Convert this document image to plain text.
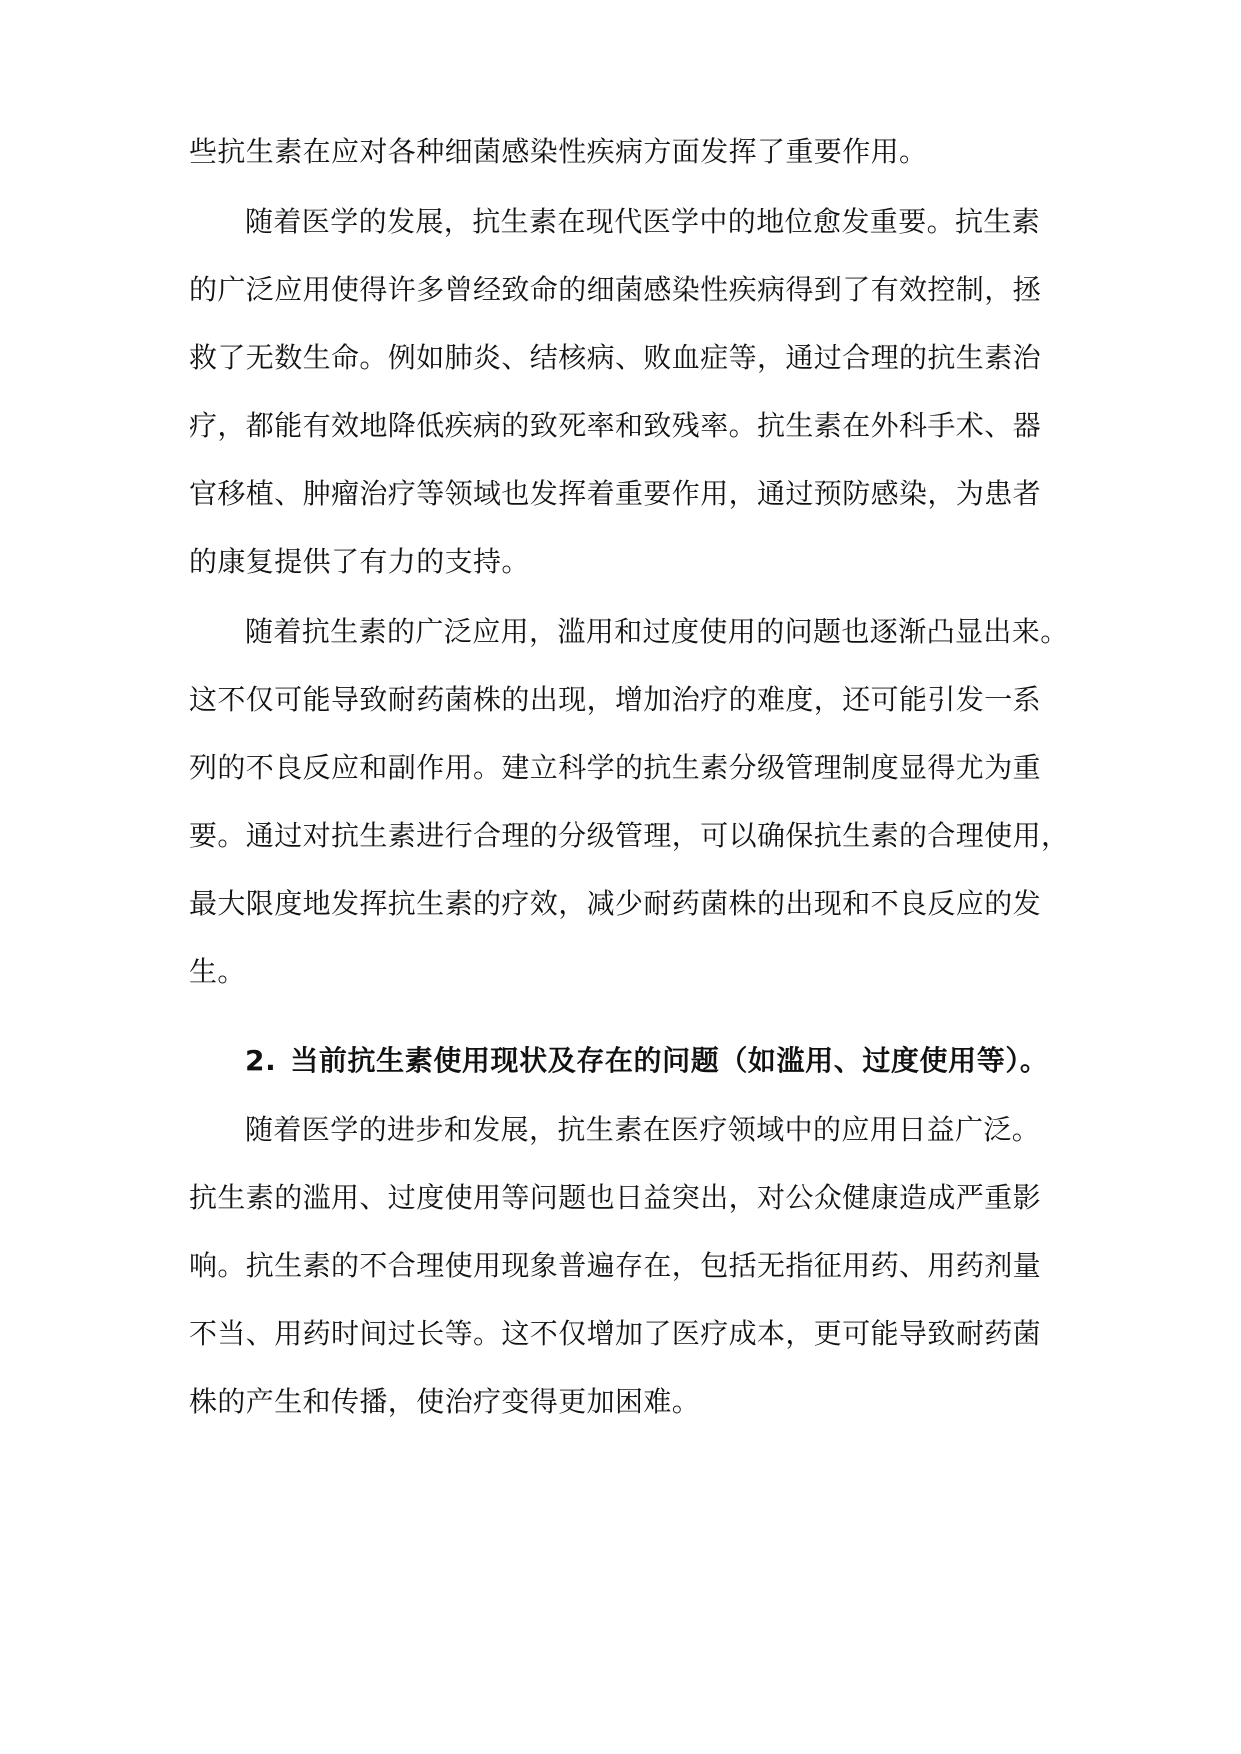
些抗生素在应对各种细菌感染性疾病方面发挥了重要作用。
随着医学的发展，抗生素在现代医学中的地位愈发重要。抗生素
的广泛应用使得许多曾经致命的细菌感染性疾病得到了有效控制，拯
救了无数生命。例如肺炎、结核病、败血症等，通过合理的抗生素治
疗，都能有效地降低疾病的致死率和致残率。抗生素在外科手术、器
官移植、肿瘤治疗等领域也发挥着重要作用，通过预防感染，为患者
的康复提供了有力的支持。
随着抗生素的广泛应用，滥用和过度使用的问题也逐渐凸显出来。
这不仅可能导致耐药菌株的出现，增加治疗的难度，还可能引发一系
列的不良反应和副作用。建立科学的抗生素分级管理制度显得尤为重
要。通过对抗生素进行合理的分级管理，可以确保抗生素的合理使用，
最大限度地发挥抗生素的疗效，减少耐药菌株的出现和不良反应的发
生。
2. 当前抗生素使用现状及存在的问题（如滥用、过度使用等）。
随着医学的进步和发展，抗生素在医疗领域中的应用日益广泛。
抗生素的滥用、过度使用等问题也日益突出，对公众健康造成严重影
响。抗生素的不合理使用现象普遍存在，包括无指征用药、用药剂量
不当、用药时间过长等。这不仅增加了医疗成本，更可能导致耐药菌
株的产生和传播，使治疗变得更加困难。
